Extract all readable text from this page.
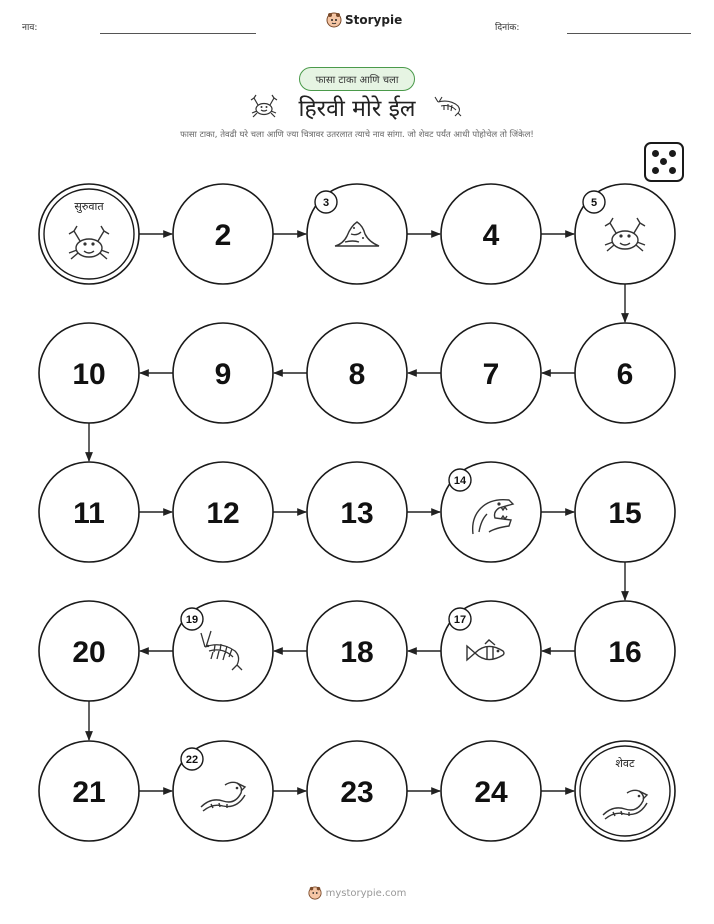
नाव:
Storypie
दिनांक:
फासा टाका आणि चला
हिरवी मोरे ईल
फासा टाका, तेवढी घरे चला आणि ज्या चित्रावर उतरलात त्याचे नाव सांगा. जो शेवट पर्यंत आधी पोहोचेल तो जिंकेल!
सुरुवात
2
3
4
5
6
7
8
9
10
11	12	13
14
15
16
17
18
19
20
21
22
23	24
शेवट
mystorypie.com
